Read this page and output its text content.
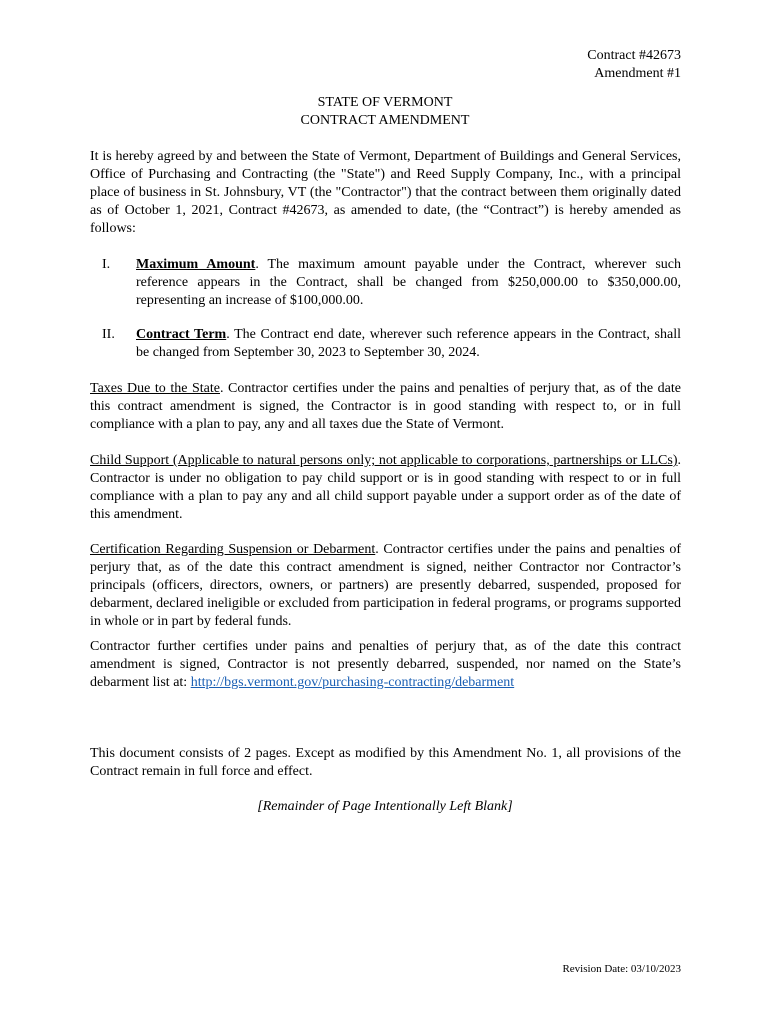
Contract #42673
Amendment #1
STATE OF VERMONT
CONTRACT AMENDMENT

It is hereby agreed by and between the State of Vermont, Department of Buildings and General Services, Office of Purchasing and Contracting (the "State") and Reed Supply Company, Inc., with a principal place of business in St. Johnsbury, VT (the "Contractor") that the contract between them originally dated as of October 1, 2021, Contract #42673, as amended to date, (the “Contract”) is hereby amended as follows:

I. Maximum Amount. The maximum amount payable under the Contract, wherever such reference appears in the Contract, shall be changed from $250,000.00 to $350,000.00, representing an increase of $100,000.00.

II. Contract Term. The Contract end date, wherever such reference appears in the Contract, shall be changed from September 30, 2023 to September 30, 2024.

Taxes Due to the State. Contractor certifies under the pains and penalties of perjury that, as of the date this contract amendment is signed, the Contractor is in good standing with respect to, or in full compliance with a plan to pay, any and all taxes due the State of Vermont.

Child Support (Applicable to natural persons only; not applicable to corporations, partnerships or LLCs). Contractor is under no obligation to pay child support or is in good standing with respect to or in full compliance with a plan to pay any and all child support payable under a support order as of the date of this amendment.

Certification Regarding Suspension or Debarment. Contractor certifies under the pains and penalties of perjury that, as of the date this contract amendment is signed, neither Contractor nor Contractor’s principals (officers, directors, owners, or partners) are presently debarred, suspended, proposed for debarment, declared ineligible or excluded from participation in federal programs, or programs supported in whole or in part by federal funds.

Contractor further certifies under pains and penalties of perjury that, as of the date this contract amendment is signed, Contractor is not presently debarred, suspended, nor named on the State’s debarment list at: http://bgs.vermont.gov/purchasing-contracting/debarment

This document consists of 2 pages. Except as modified by this Amendment No. 1, all provisions of the Contract remain in full force and effect.

[Remainder of Page Intentionally Left Blank]
Revision Date: 03/10/2023
